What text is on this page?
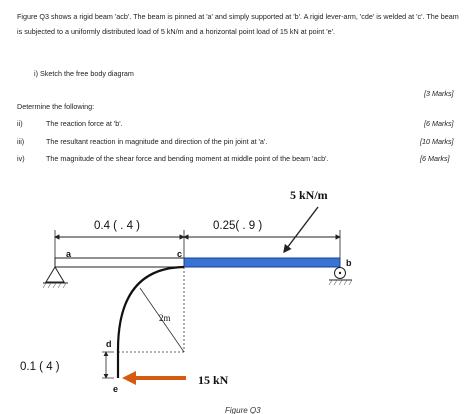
Figure Q3 shows a rigid beam 'acb'. The beam is pinned at 'a' and simply supported at 'b'. A rigid lever-arm, 'cde' is welded at 'c'. The beam is subjected to a uniformly distributed load of 5 kN/m and a horizontal point load of 15 kN at point 'e'.
i) Sketch the free body diagram
[3 Marks]
Determine the following:
ii)	The reaction force at 'b'.	[6 Marks]
iii)	The resultant reaction in magnitude and direction of the pin joint at 'a'.	[10 Marks]
iv)	The magnitude of the shear force and bending moment at middle point of the beam 'acb'.	[6 Marks]
5 kN/m
0.4 ( . 4 )	0.25( . 9 )
a	c
b
2m
d
e
0.1 ( 4 )
15 kN
Figure Q3
